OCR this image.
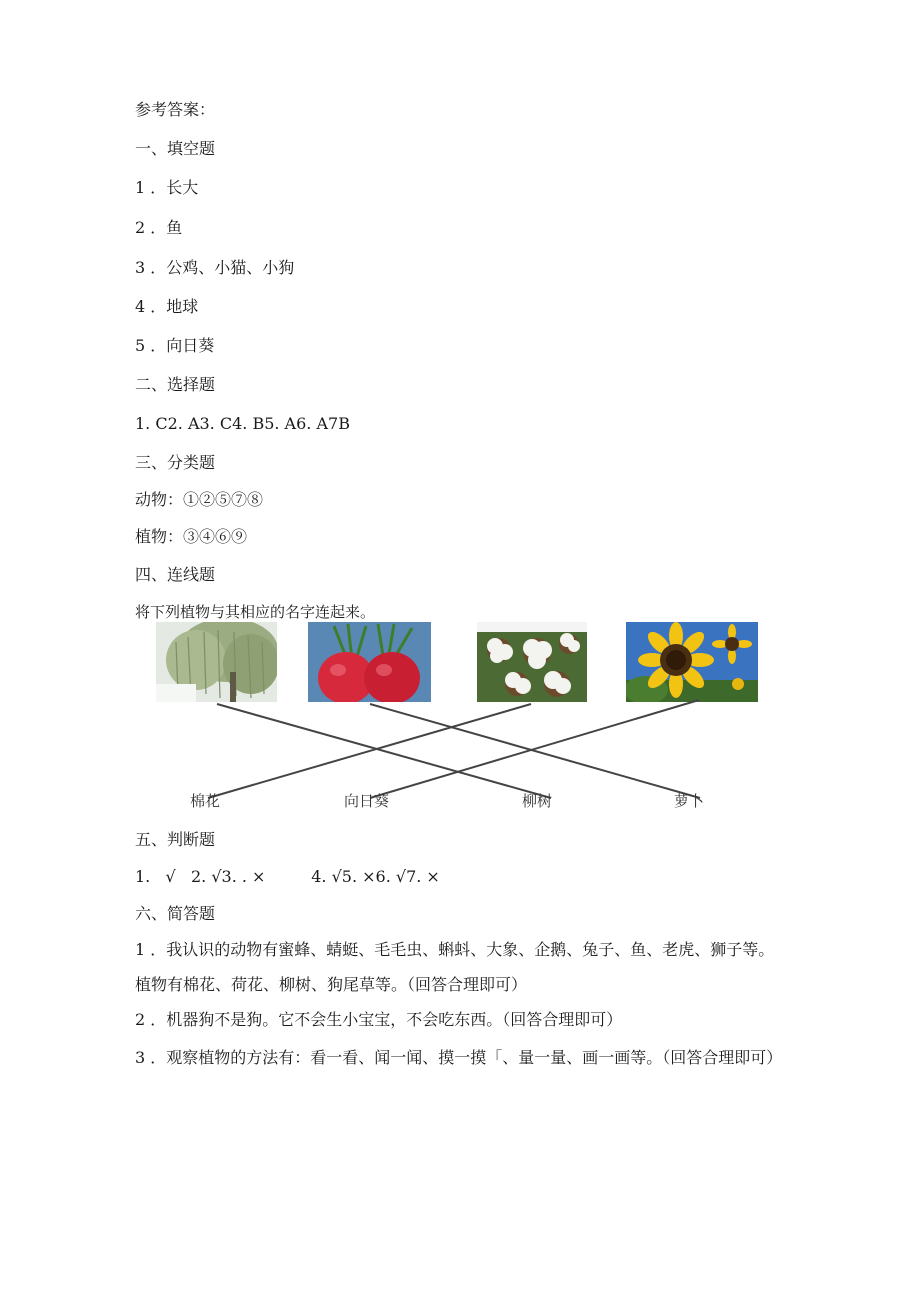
参考答案：
一、填空题
1 ．长大
2 ．鱼
3 ．公鸡、小猫、小狗
4 ．地球
5 ．向日葵
二、选择题
1. C2. A3. C4. B5. A6. A7B
三、分类题
动物：①②⑤⑦⑧
植物：③④⑥⑨
四、连线题
将下列植物与其相应的名字连起来。
棉花	向日葵	柳树	萝卜
五、判断题
1.   √   2. √3. . ×         4. √5. ×6. √7. ×
六、简答题
1 ．我认识的动物有蜜蜂、蜻蜓、毛毛虫、蝌蚪、大象、企鹅、兔子、鱼、老虎、狮子等。植物有棉花、荷花、柳树、狗尾草等。（回答合理即可）
2 ．机器狗不是狗。它不会生小宝宝，不会吃东西。（回答合理即可）
3 ．观察植物的方法有：看一看、闻一闻、摸一摸「、量一量、画一画等。（回答合理即可）
